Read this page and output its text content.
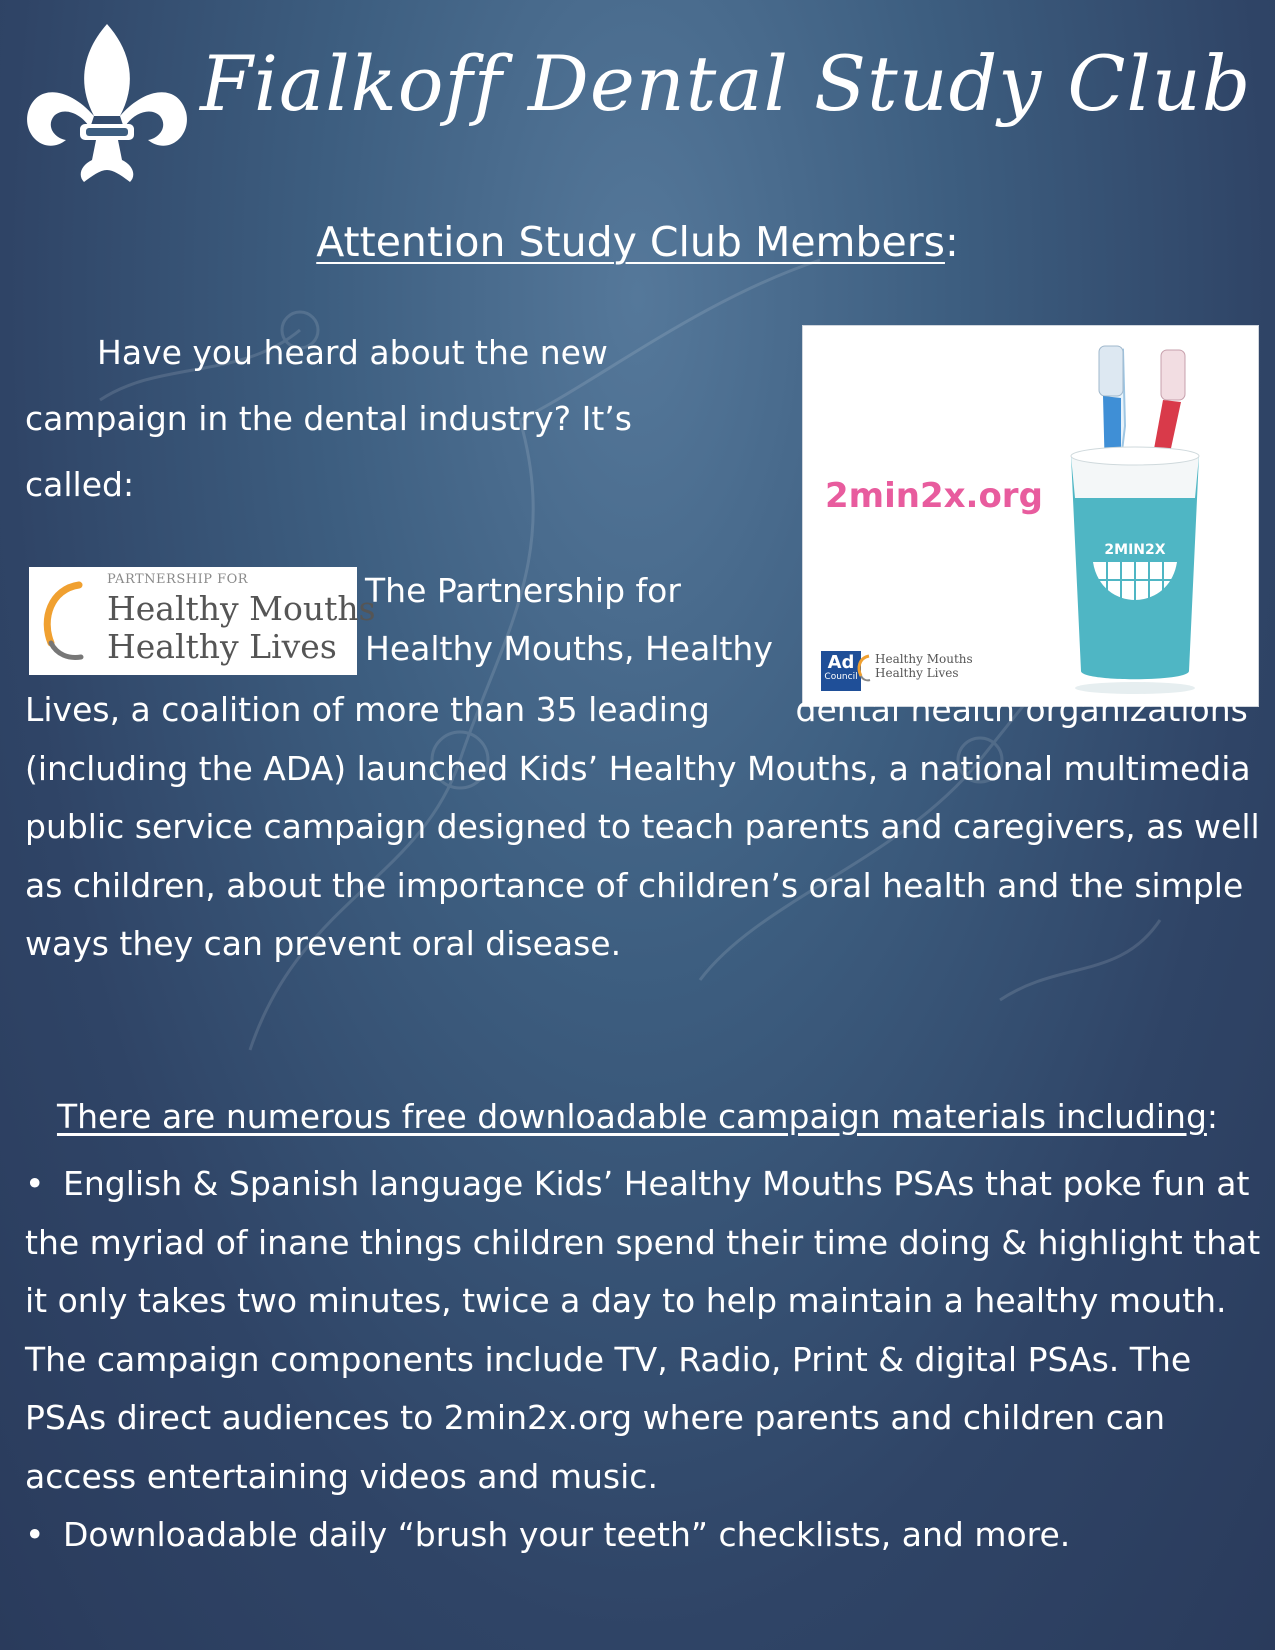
Fialkoff Dental Study Club
Attention Study Club Members:

Have you heard about the new campaign in the dental industry? It’s called:

2MIN2X

2min2x.org

Ad
Council
Healthy Mouths
Healthy Lives
PARTNERSHIP FOR
Healthy Mouths
Healthy Lives

The Partnership for Healthy Mouths, Healthy

Lives, a coalition of more than 35 leading	dental health organizations (including the ADA) launched Kids’ Healthy Mouths, a national multimedia public service campaign designed to teach parents and caregivers, as well as children, about the importance of children’s oral health and the simple ways they can prevent oral disease.

There are numerous free downloadable campaign materials including:
• English & Spanish language Kids’ Healthy Mouths PSAs that poke fun at the myriad of inane things children spend their time doing & highlight that it only takes two minutes, twice a day to help maintain a healthy mouth. The campaign components include TV, Radio, Print & digital PSAs. The PSAs direct audiences to 2min2x.org where parents and children can access entertaining videos and music.
• Downloadable daily “brush your teeth” checklists, and more.
